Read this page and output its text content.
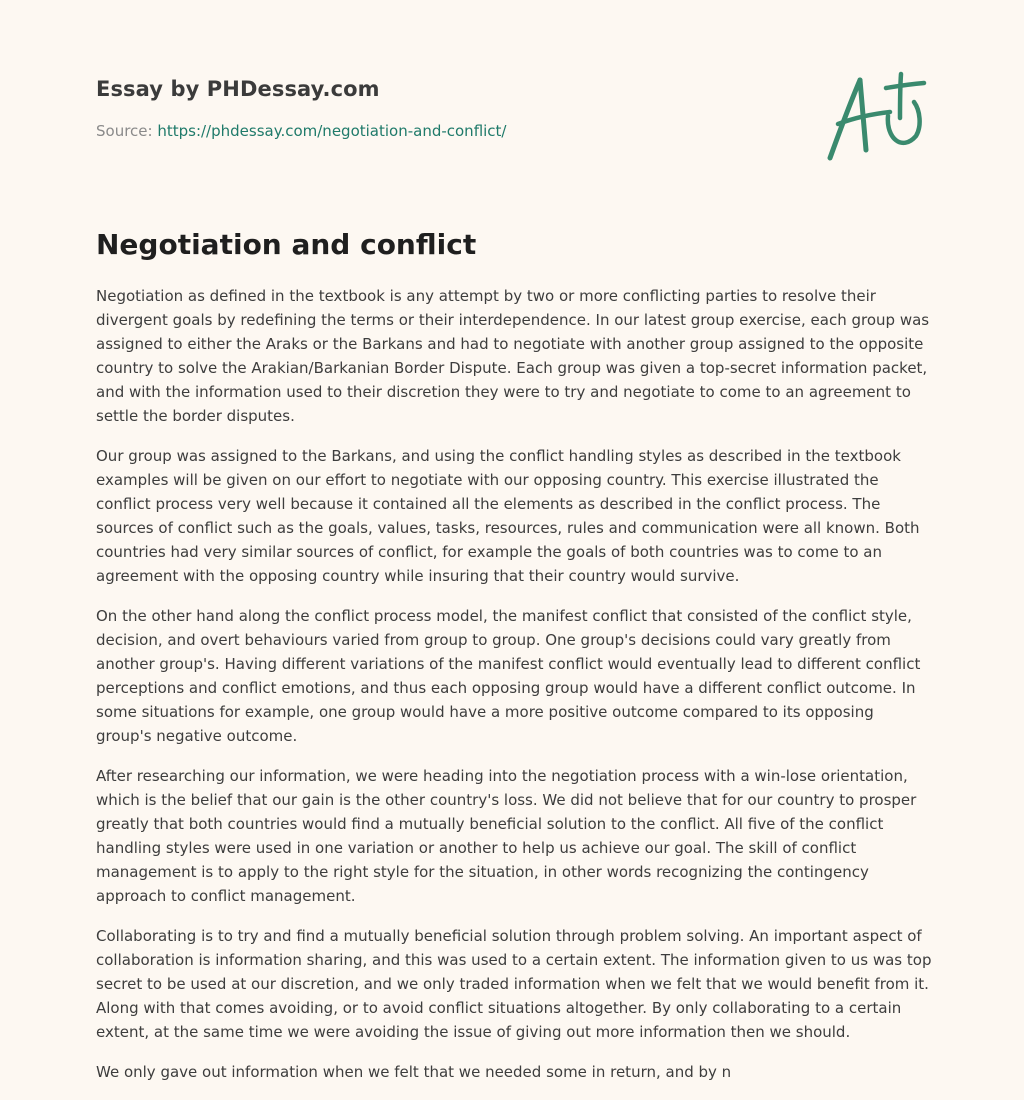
Essay by PHDessay.com
Source: https://phdessay.com/negotiation-and-conflict/
Negotiation and conflict

Negotiation as defined in the textbook is any attempt by two or more conflicting parties to resolve their divergent goals by redefining the terms or their interdependence. In our latest group exercise, each group was assigned to either the Araks or the Barkans and had to negotiate with another group assigned to the opposite country to solve the Arakian/Barkanian Border Dispute. Each group was given a top-secret information packet, and with the information used to their discretion they were to try and negotiate to come to an agreement to settle the border disputes.

Our group was assigned to the Barkans, and using the conflict handling styles as described in the textbook examples will be given on our effort to negotiate with our opposing country. This exercise illustrated the conflict process very well because it contained all the elements as described in the conflict process. The sources of conflict such as the goals, values, tasks, resources, rules and communication were all known. Both countries had very similar sources of conflict, for example the goals of both countries was to come to an agreement with the opposing country while insuring that their country would survive.

On the other hand along the conflict process model, the manifest conflict that consisted of the conflict style, decision, and overt behaviours varied from group to group. One group's decisions could vary greatly from another group's. Having different variations of the manifest conflict would eventually lead to different conflict perceptions and conflict emotions, and thus each opposing group would have a different conflict outcome. In some situations for example, one group would have a more positive outcome compared to its opposing group's negative outcome.

After researching our information, we were heading into the negotiation process with a win-lose orientation, which is the belief that our gain is the other country's loss. We did not believe that for our country to prosper greatly that both countries would find a mutually beneficial solution to the conflict. All five of the conflict handling styles were used in one variation or another to help us achieve our goal. The skill of conflict management is to apply to the right style for the situation, in other words recognizing the contingency approach to conflict management.

Collaborating is to try and find a mutually beneficial solution through problem solving. An important aspect of collaboration is information sharing, and this was used to a certain extent. The information given to us was top secret to be used at our discretion, and we only traded information when we felt that we would benefit from it. Along with that comes avoiding, or to avoid conflict situations altogether. By only collaborating to a certain extent, at the same time we were avoiding the issue of giving out more information then we should.

We only gave out information when we felt that we needed some in return, and by n
